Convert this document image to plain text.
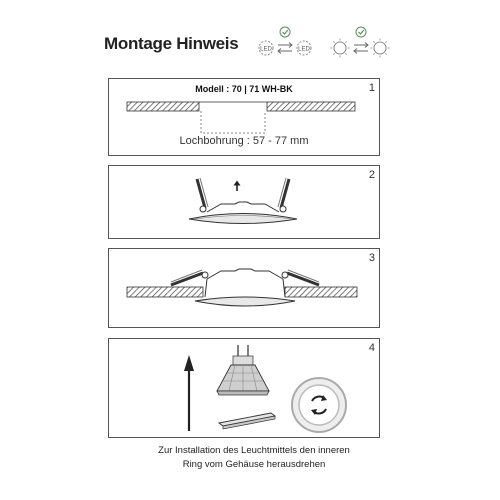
Montage Hinweis	LED	LED
Modell : 70 | 71 WH-BK
Lochbohrung : 57 - 77 mm
1
2
3
4
Zur Installation des Leuchtmittels den inneren
Ring vom Gehäuse herausdrehen
